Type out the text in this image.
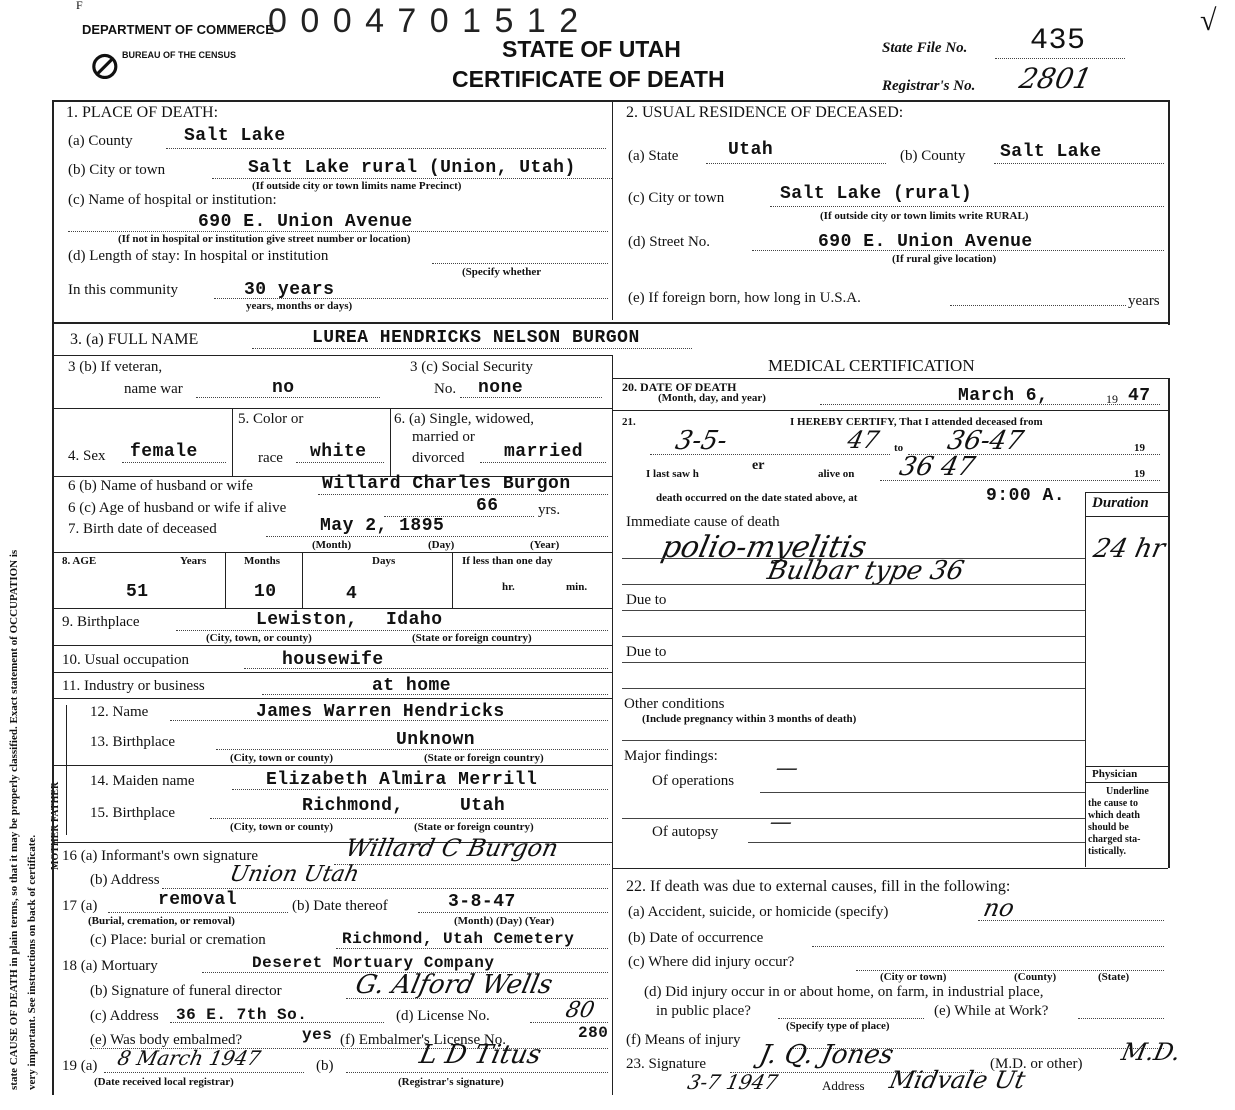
F
DEPARTMENT OF COMMERCE
BUREAU OF THE CENSUS
0 0 0 4 7 0 1 5 1 2
STATE OF UTAH
CERTIFICATE OF DEATH
⊘	State File No. 435
Registrar's No. 2801
√
state CAUSE OF DEATH in plain terms, so that it may be properly classified. Exact statement of OCCUPATION is very important. See instructions on back of certificate.
MOTHER FATHER
1. PLACE OF DEATH:
(a) County	Salt Lake
(b) City or town	Salt Lake rural (Union, Utah)
(If outside city or town limits name Precinct)
(c) Name of hospital or institution:
690 E. Union Avenue
(If not in hospital or institution give street number or location)
(d) Length of stay: In hospital or institution
(Specify whether
In this community	30 years
years, months or days)
2. USUAL RESIDENCE OF DECEASED:
(a) State	Utah	(b) County Salt Lake
(c) City or town	Salt Lake (rural)
(If outside city or town limits write RURAL)
(d) Street No.	690 E. Union Avenue
(If rural give location)
(e) If foreign born, how long in U.S.A.	years
3. (a) FULL NAME	LUREA HENDRICKS NELSON BURGON
3 (b) If veteran,
name war	no
3 (c) Social Security
No. none
4. Sex female
5. Color or
race white
6. (a) Single, widowed,
married or
divorced married
6 (b) Name of husband or wife	Willard Charles Burgon
6 (c) Age of husband or wife if alive	66	yrs.
7. Birth date of deceased	May 2, 1895
(Month)	(Day)	(Year)
8. AGE	Years	Months	Days	If less than one day
51	10	4	hr.	min.
9. Birthplace	Lewiston, Idaho
(City, town, or county)	(State or foreign country)
10. Usual occupation	housewife
11. Industry or business	at home
12. Name	James Warren Hendricks
13. Birthplace	Unknown
(City, town or county)	(State or foreign country)
14. Maiden name	Elizabeth Almira Merrill
15. Birthplace	Richmond,	Utah
(City, town or county)	(State or foreign country)
16 (a) Informant's own signature	Willard C Burgon
(b) Address	Union Utah
17 (a)	removal
(Burial, cremation, or removal)
(b) Date thereof	3-8-47
(Month) (Day) (Year)
(c) Place: burial or cremation	Richmond, Utah Cemetery
18 (a) Mortuary	Deseret Mortuary Company
(b) Signature of funeral director	G. Alford Wells
(c) Address 36 E. 7th So.	(d) License No.	80
(e) Was body embalmed?	yes (f) Embalmer's License No.	280
19 (a) 8 March 1947
(Date received local registrar)
(b)	L D Titus
(Registrar's signature)
MEDICAL CERTIFICATION
20. DATE OF DEATH
(Month, day, and year)	March 6,	19 47
21.	I HEREBY CERTIFY, That I attended deceased from
3-5-	47 to 36-47	19
I last saw h
er
alive on 36 47	19
death occurred on the date stated above, at	9:00 A. Duration
Immediate cause of death
polio-myelitis
Bulbar type 36
24 hr
Due to
Due to
Other conditions
(Include pregnancy within 3 months of death)
Major findings:
Of operations —
Of autopsy —
Physician
Underline
the cause to
which death
should be
charged sta-
tistically.
22. If death was due to external causes, fill in the following:
(a) Accident, suicide, or homicide (specify)	no
(b) Date of occurrence
(c) Where did injury occur?
(City or town)	(County)	(State)
(d) Did injury occur in or about home, on farm, in industrial place,
in public place?
(Specify type of place)
(e) While at Work?
(f) Means of injury
23. Signature J. Q. Jones	(M.D. or other) M.D.
3-7 1947	Address Midvale Ut
